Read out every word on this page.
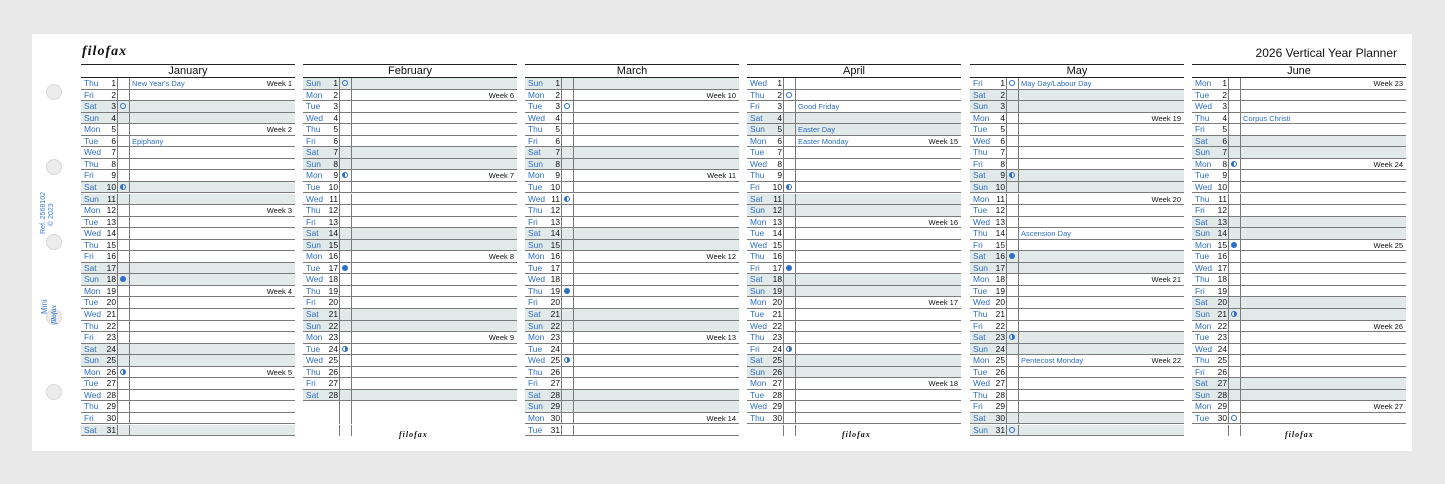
Ref. 2568102 © 2023
Mini filofax
filofax	2026 Vertical Year Planner
January
Thu	1 New Year's Day	Week 1
Fri	2
Sat	3
Sun	4
Mon	5	Week 2
Tue	6 Epiphany
Wed	7
Thu	8
Fri	9
Sat	10
Sun 11
Mon 12	Week 3
Tue	13
Wed 14
Thu 15
Fri	16
Sat	17
Sun 18
Mon 19	Week 4
Tue	20
Wed 21
Thu 22
Fri	23
Sat	24
Sun 25
Mon 26	Week 5
Tue	27
Wed 28
Thu 29
Fri	30
Sat	31
February
Sun	1
Mon	2	Week 6
Tue	3
Wed	4
Thu	5
Fri	6
Sat	7
Sun	8
Mon	9	Week 7
Tue	10
Wed 11
Thu 12
Fri	13
Sat	14
Sun 15
Mon 16	Week 8
Tue	17
Wed 18
Thu 19
Fri	20
Sat	21
Sun 22
Mon 23	Week 9
Tue	24
Wed 25
Thu 26
Fri	27
Sat	28
March
Sun	1
Mon	2	Week 10
Tue	3
Wed	4
Thu	5
Fri	6
Sat	7
Sun	8
Mon	9	Week 11
Tue	10
Wed 11
Thu 12
Fri	13
Sat	14
Sun 15
Mon 16	Week 12
Tue	17
Wed 18
Thu 19
Fri	20
Sat	21
Sun 22
Mon 23	Week 13
Tue	24
Wed 25
Thu 26
Fri	27
Sat	28
Sun 29
Mon 30	Week 14
Tue	31
April
Wed	1
Thu	2
Fri	3 Good Friday
Sat	4
Sun	5 Easter Day
Mon	6 Easter Monday	Week 15
Tue	7
Wed	8
Thu	9
Fri	10
Sat	11
Sun 12
Mon 13	Week 16
Tue	14
Wed 15
Thu 16
Fri	17
Sat	18
Sun 19
Mon 20	Week 17
Tue	21
Wed 22
Thu 23
Fri	24
Sat	25
Sun 26
Mon 27	Week 18
Tue	28
Wed 29
Thu 30
May
Fri	1 May Day/Labour Day
Sat	2
Sun	3
Mon	4	Week 19
Tue	5
Wed	6
Thu	7
Fri	8
Sat	9
Sun 10
Mon 11	Week 20
Tue	12
Wed 13
Thu 14 Ascension Day
Fri	15
Sat	16
Sun 17
Mon 18	Week 21
Tue	19
Wed 20
Thu 21
Fri	22
Sat	23
Sun 24
Mon 25 Pentecost Monday	Week 22
Tue	26
Wed 27
Thu 28
Fri	29
Sat	30
Sun 31
June
Mon	1	Week 23
Tue	2
Wed	3
Thu	4 Corpus Christi
Fri	5
Sat	6
Sun	7
Mon	8	Week 24
Tue	9
Wed 10
Thu	11
Fri	12
Sat	13
Sun 14
Mon 15	Week 25
Tue	16
Wed 17
Thu 18
Fri	19
Sat	20
Sun 21
Mon 22	Week 26
Tue	23
Wed 24
Thu 25
Fri	26
Sat	27
Sun 28
Mon 29	Week 27
Tue	30
filofax	filofax	filofax
